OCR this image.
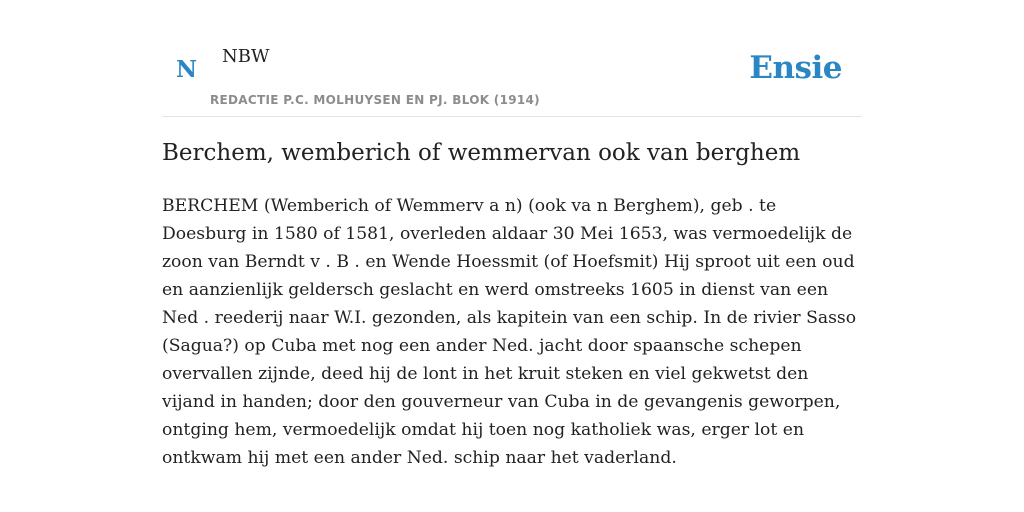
N NBW
REDACTIE P.C. MOLHUYSEN EN PJ. BLOK (1914)
Ensie
Berchem, wemberich of wemmervan ook van berghem

BERCHEM (Wemberich of Wemmerv a n) (ook va n Berghem), geb . te Doesburg in 1580 of 1581, overleden aldaar 30 Mei 1653, was vermoedelijk de zoon van Berndt v . B . en Wende Hoessmit (of Hoefsmit) Hij sproot uit een oud en aanzienlijk geldersch geslacht en werd omstreeks 1605 in dienst van een Ned . reederij naar W.I. gezonden, als kapitein van een schip. In de rivier Sasso (Sagua?) op Cuba met nog een ander Ned. jacht door spaansche schepen overvallen zijnde, deed hij de lont in het kruit steken en viel gekwetst den vijand in handen; door den gouverneur van Cuba in de gevangenis geworpen, ontging hem, vermoedelijk omdat hij toen nog katholiek was, erger lot en ontkwam hij met een ander Ned. schip naar het vaderland.
